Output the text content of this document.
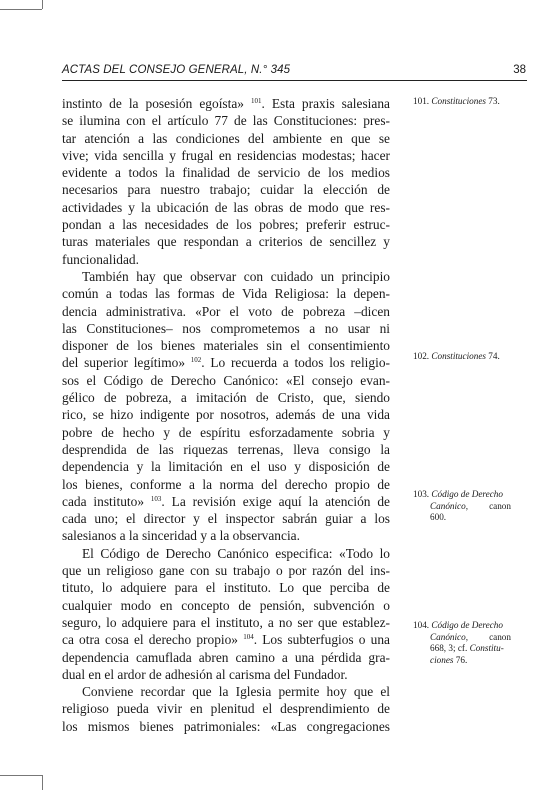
ACTAS DEL CONSEJO GENERAL, N.° 345	38
instinto de la posesión egoísta» $^{101}$. Esta praxis salesiana
se ilumina con el artículo 77 de las Constituciones: pres-
tar atención a las condiciones del ambiente en que se
vive; vida sencilla y frugal en residencias modestas; hacer
evidente a todos la finalidad de servicio de los medios
necesarios para nuestro trabajo; cuidar la elección de
actividades y la ubicación de las obras de modo que res-
pondan a las necesidades de los pobres; preferir estruc-
turas materiales que respondan a criterios de sencillez y
funcionalidad.
También hay que observar con cuidado un principio
común a todas las formas de Vida Religiosa: la depen-
dencia administrativa. «Por el voto de pobreza –dicen
las Constituciones– nos comprometemos a no usar ni
disponer de los bienes materiales sin el consentimiento
del superior legítimo» $^{102}$. Lo recuerda a todos los religio-
sos el Código de Derecho Canónico: «El consejo evan-
gélico de pobreza, a imitación de Cristo, que, siendo
rico, se hizo indigente por nosotros, además de una vida
pobre de hecho y de espíritu esforzadamente sobria y
desprendida de las riquezas terrenas, lleva consigo la
dependencia y la limitación en el uso y disposición de
los bienes, conforme a la norma del derecho propio de
cada instituto» $^{103}$. La revisión exige aquí la atención de
cada uno; el director y el inspector sabrán guiar a los
salesianos a la sinceridad y a la observancia.
El Código de Derecho Canónico especifica: «Todo lo
que un religioso gane con su trabajo o por razón del ins-
tituto, lo adquiere para el instituto. Lo que perciba de
cualquier modo en concepto de pensión, subvención o
seguro, lo adquiere para el instituto, a no ser que establez-
ca otra cosa el derecho propio» $^{104}$. Los subterfugios o una
dependencia camuflada abren camino a una pérdida gra-
dual en el ardor de adhesión al carisma del Fundador.
Conviene recordar que la Iglesia permite hoy que el
religioso pueda vivir en plenitud el desprendimiento de
los mismos bienes patrimoniales: «Las congregaciones
101. Constituciones 73.
102. Constituciones 74.
103. Código de Derecho
Canónico, canon
600.
104. Código de Derecho
Canónico, canon
668, 3; cf. Constitu-
ciones 76.
